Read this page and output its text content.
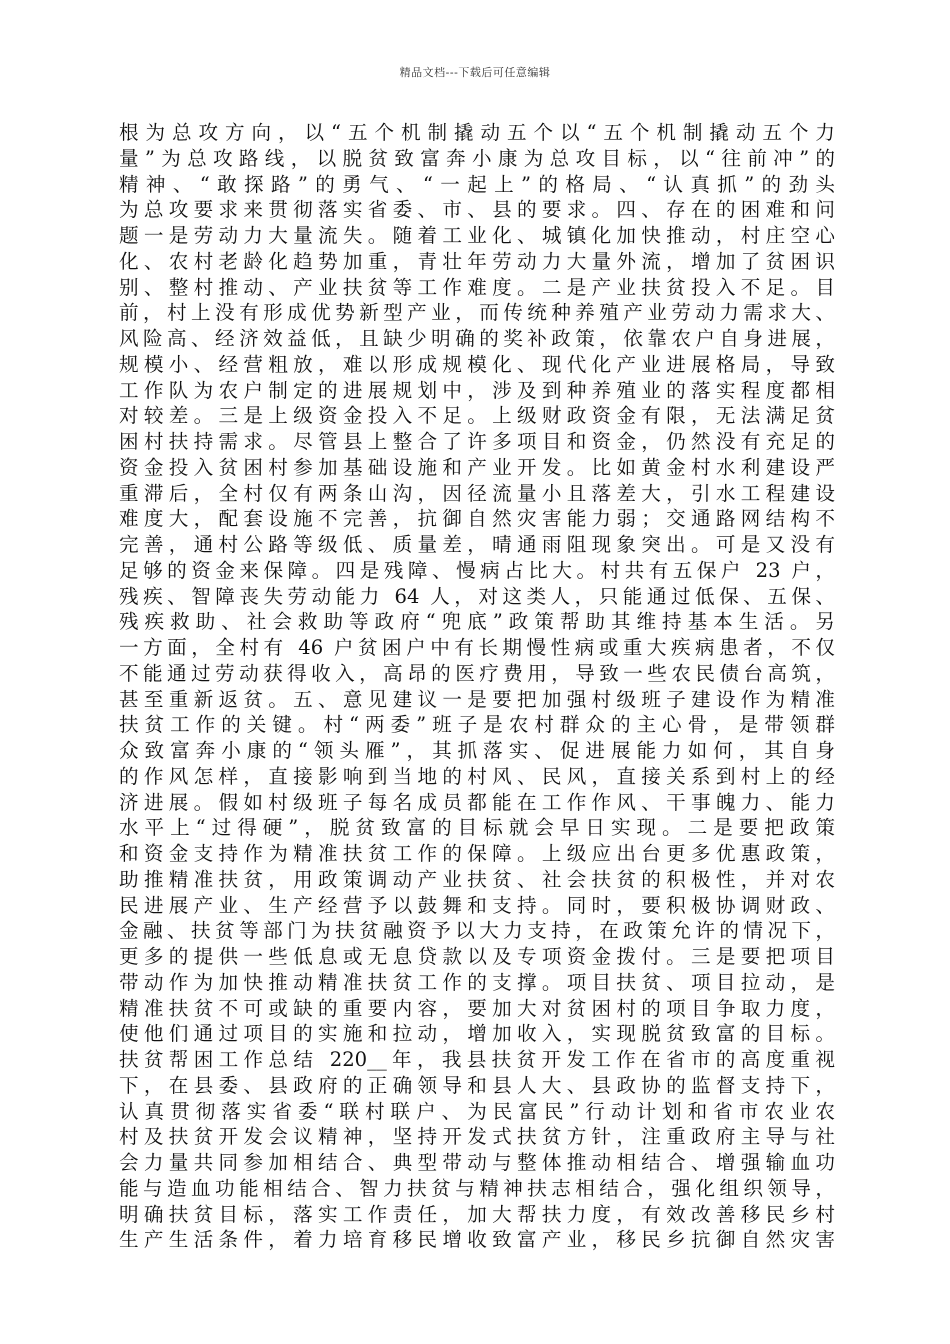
精品文档---下载后可任意编辑
根为总攻方向，以“五个机制撬动五个以“五个机制撬动五个力
量”为总攻路线，以脱贫致富奔小康为总攻目标，以“往前冲”的
精神、“敢探路”的勇气、“一起上”的格局、“认真抓”的劲头
为总攻要求来贯彻落实省委、市、县的要求。四、存在的困难和问
题一是劳动力大量流失。随着工业化、城镇化加快推动，村庄空心
化、农村老龄化趋势加重，青壮年劳动力大量外流，增加了贫困识
别、整村推动、产业扶贫等工作难度。二是产业扶贫投入不足。目
前，村上没有形成优势新型产业，而传统种养殖产业劳动力需求大、
风险高、经济效益低，且缺少明确的奖补政策，依靠农户自身进展，
规模小、经营粗放，难以形成规模化、现代化产业进展格局，导致
工作队为农户制定的进展规划中，涉及到种养殖业的落实程度都相
对较差。三是上级资金投入不足。上级财政资金有限，无法满足贫
困村扶持需求。尽管县上整合了许多项目和资金，仍然没有充足的
资金投入贫困村参加基础设施和产业开发。比如黄金村水利建设严
重滞后，全村仅有两条山沟，因径流量小且落差大，引水工程建设
难度大，配套设施不完善，抗御自然灾害能力弱；交通路网结构不
完善，通村公路等级低、质量差，晴通雨阻现象突出。可是又没有
足够的资金来保障。四是残障、慢病占比大。村共有五保户 23 户，
残疾、智障丧失劳动能力 64 人，对这类人，只能通过低保、五保、
残疾救助、社会救助等政府“兜底”政策帮助其维持基本生活。另
一方面，全村有 46 户贫困户中有长期慢性病或重大疾病患者，不仅
不能通过劳动获得收入，高昂的医疗费用，导致一些农民债台高筑，
甚至重新返贫。五、意见建议一是要把加强村级班子建设作为精准
扶贫工作的关键。村“两委”班子是农村群众的主心骨，是带领群
众致富奔小康的“领头雁”，其抓落实、促进展能力如何，其自身
的作风怎样，直接影响到当地的村风、民风，直接关系到村上的经
济进展。假如村级班子每名成员都能在工作作风、干事魄力、能力
水平上“过得硬”，脱贫致富的目标就会早日实现。二是要把政策
和资金支持作为精准扶贫工作的保障。上级应出台更多优惠政策，
助推精准扶贫，用政策调动产业扶贫、社会扶贫的积极性，并对农
民进展产业、生产经营予以鼓舞和支持。同时，要积极协调财政、
金融、扶贫等部门为扶贫融资予以大力支持，在政策允许的情况下，
更多的提供一些低息或无息贷款以及专项资金拨付。三是要把项目
带动作为加快推动精准扶贫工作的支撑。项目扶贫、项目拉动，是
精准扶贫不可或缺的重要内容，要加大对贫困村的项目争取力度，
使他们通过项目的实施和拉动，增加收入，实现脱贫致富的目标。
扶贫帮困工作总结 220__年，我县扶贫开发工作在省市的高度重视
下，在县委、县政府的正确领导和县人大、县政协的监督支持下，
认真贯彻落实省委“联村联户、为民富民”行动计划和省市农业农
村及扶贫开发会议精神，坚持开发式扶贫方针，注重政府主导与社
会力量共同参加相结合、典型带动与整体推动相结合、增强输血功
能与造血功能相结合、智力扶贫与精神扶志相结合，强化组织领导，
明确扶贫目标，落实工作责任，加大帮扶力度，有效改善移民乡村
生产生活条件，着力培育移民增收致富产业，移民乡抗御自然灾害
